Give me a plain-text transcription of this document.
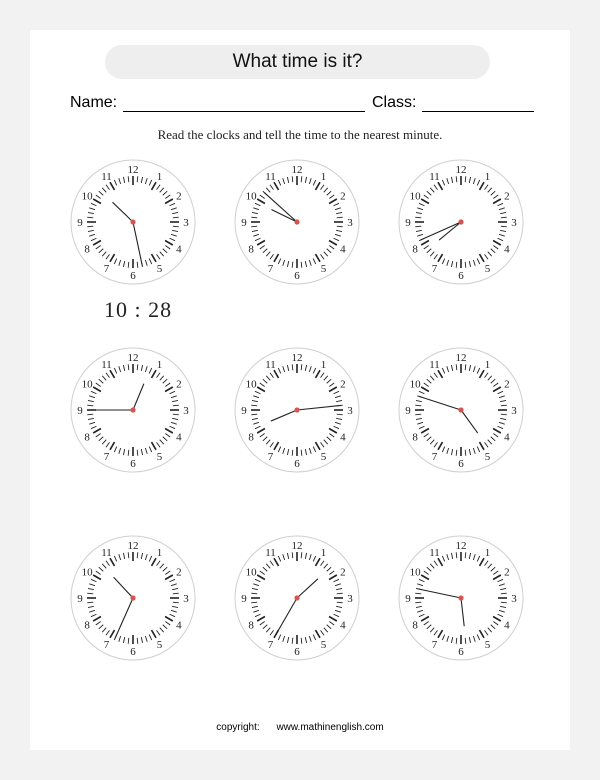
What time is it?
Name:	Class:
Read the clocks and tell the time to the nearest minute.
12
1
2
3
4
5
6
7
8
9
10
11
12
1
2
3
4
5
6
7
8
9
10
11
12
1
2
3
4
5
6
7
8
9
10
11
12
1
2
3
4
5
6
7
8
9
10
11
12
1
2
3
4
5
6
7
8
9
10
11
12
1
2
3
4
5
6
7
8
9
10
11
12
1
2
3
4
5
6
7
8
9
10
11
12
1
2
3
4
5
6
7
8
9
10
11
12
1
2
3
4
5
6
7
8
9
10
11
10 : 28
copyright: www.mathinenglish.com
